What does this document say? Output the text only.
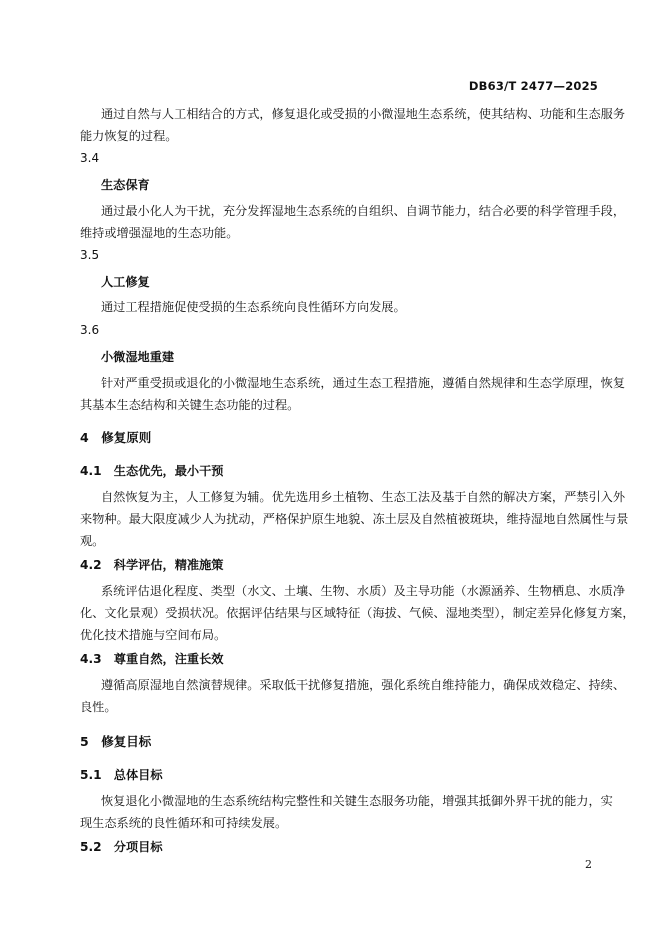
DB63/T 2477—2025
通过自然与人工相结合的方式，修复退化或受损的小微湿地生态系统，使其结构、功能和生态服务
能力恢复的过程。
3.4
生态保育
通过最小化人为干扰，充分发挥湿地生态系统的自组织、自调节能力，结合必要的科学管理手段，
维持或增强湿地的生态功能。
3.5
人工修复
通过工程措施促使受损的生态系统向良性循环方向发展。
3.6
小微湿地重建
针对严重受损或退化的小微湿地生态系统，通过生态工程措施，遵循自然规律和生态学原理，恢复
其基本生态结构和关键生态功能的过程。
4　修复原则
4.1　生态优先，最小干预
自然恢复为主，人工修复为辅。优先选用乡土植物、生态工法及基于自然的解决方案，严禁引入外
来物种。最大限度减少人为扰动，严格保护原生地貌、冻土层及自然植被斑块，维持湿地自然属性与景
观。
4.2　科学评估，精准施策
系统评估退化程度、类型（水文、土壤、生物、水质）及主导功能（水源涵养、生物栖息、水质净
化、文化景观）受损状况。依据评估结果与区域特征（海拔、气候、湿地类型），制定差异化修复方案，
优化技术措施与空间布局。
4.3　尊重自然，注重长效
遵循高原湿地自然演替规律。采取低干扰修复措施，强化系统自维持能力，确保成效稳定、持续、
良性。
5　修复目标
5.1　总体目标
恢复退化小微湿地的生态系统结构完整性和关键生态服务功能，增强其抵御外界干扰的能力，实
现生态系统的良性循环和可持续发展。
5.2　分项目标
2
